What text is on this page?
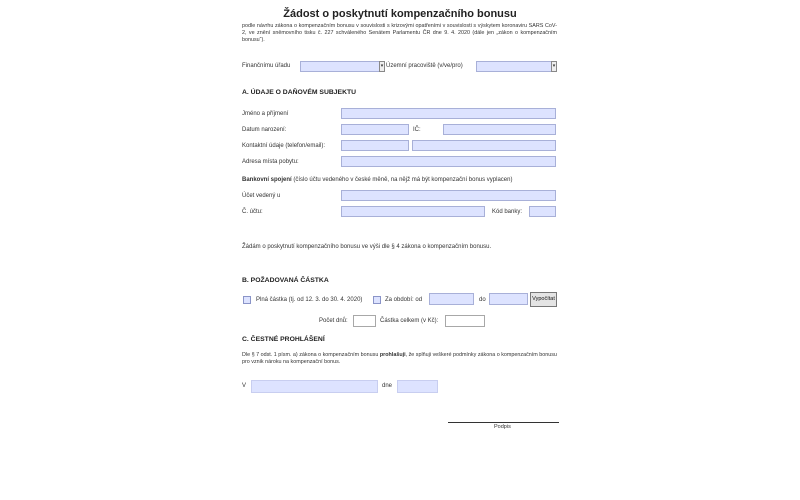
Žádost o poskytnutí kompenzačního bonusu
podle návrhu zákona o kompenzačním bonusu v souvislosti s krizovými opatřeními v souvislosti s výskytem koronaviru SARS CoV-2, ve znění sněmovního tisku č. 227 schváleného Senátem Parlamentu ČR dne 9. 4. 2020 (dále jen „zákon o kompenzačním bonusu“).
Finančnímu úřadu	▾ Územní pracoviště (v/ve/pro)	▾
A. ÚDAJE O DAŇOVÉM SUBJEKTU
Jméno a příjmení
Datum narození:	IČ:
Kontaktní údaje (telefon/email):
Adresa místa pobytu:
Bankovní spojení (číslo účtu vedeného v české měně, na nějž má být kompenzační bonus vyplacen)
Účet vedený u
Č. účtu:	Kód banky:
Žádám o poskytnutí kompenzačního bonusu ve výši dle § 4 zákona o kompenzačním bonusu.
B. POŽADOVANÁ ČÁSTKA
Plná částka (tj. od 12. 3. do 30. 4. 2020)	Za období: od	do	Vypočítat
Počet dnů:	Částka celkem (v Kč):
C. ČESTNÉ PROHLÁŠENÍ
Dle § 7 odst. 1 písm. a) zákona o kompenzačním bonusu prohlašuji, že splňuji veškeré podmínky zákona o kompenzačním bonusu pro vznik nároku na kompenzační bonus.
V	dne
Podpis
